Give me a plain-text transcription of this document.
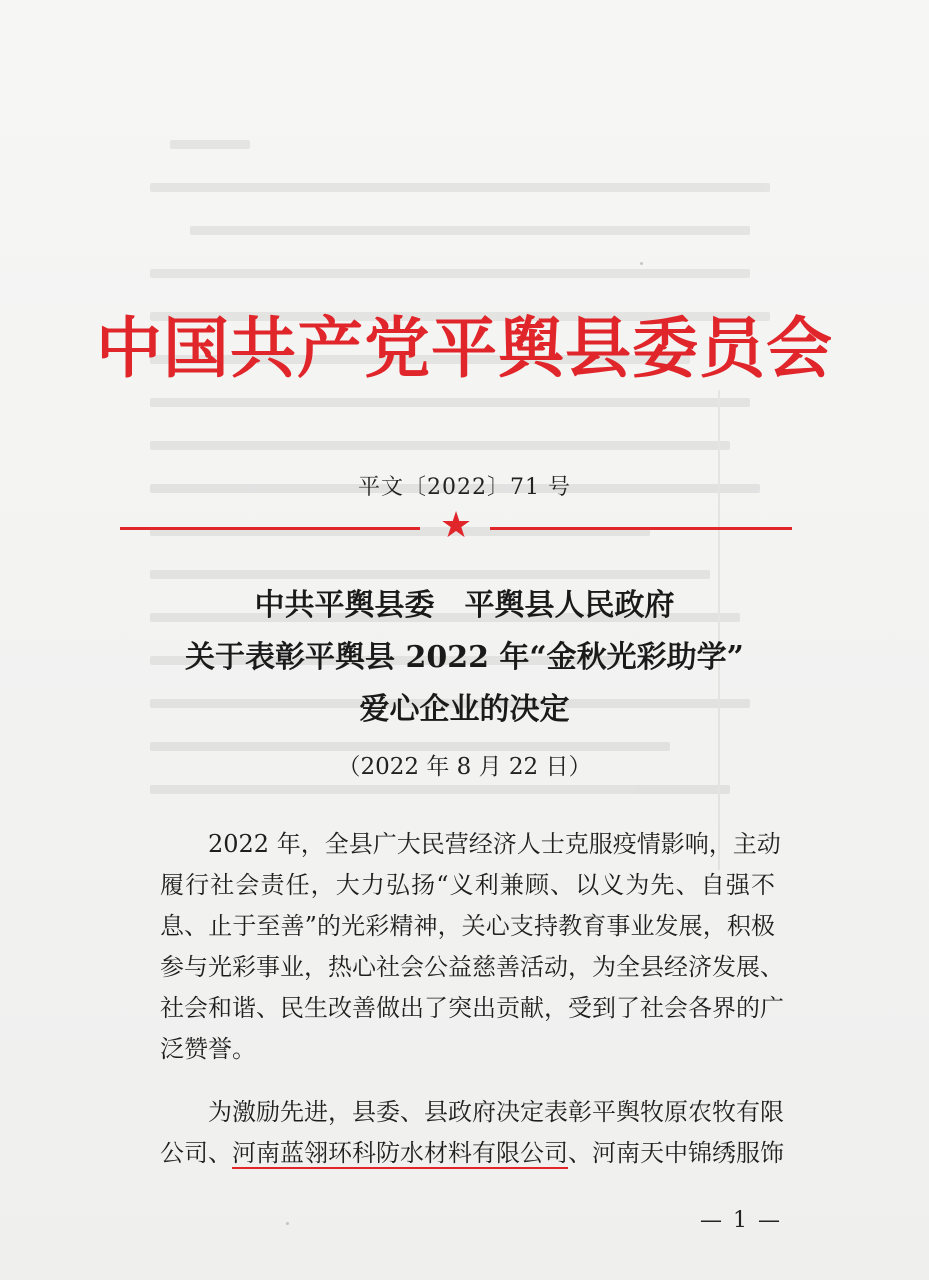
中国共产党平舆县委员会
平文〔2022〕71 号
★
中共平舆县委　平舆县人民政府
关于表彰平舆县 2022 年“金秋光彩助学”
爱心企业的决定
（2022 年 8 月 22 日）
　　2022 年，全县广大民营经济人士克服疫情影响，主动
履行社会责任，大力弘扬“义利兼顾、以义为先、自强不
息、止于至善”的光彩精神，关心支持教育事业发展，积极
参与光彩事业，热心社会公益慈善活动，为全县经济发展、
社会和谐、民生改善做出了突出贡献，受到了社会各界的广
泛赞誉。
　　为激励先进，县委、县政府决定表彰平舆牧原农牧有限
公司、河南蓝翎环科防水材料有限公司、河南天中锦绣服饰
— 1 —
